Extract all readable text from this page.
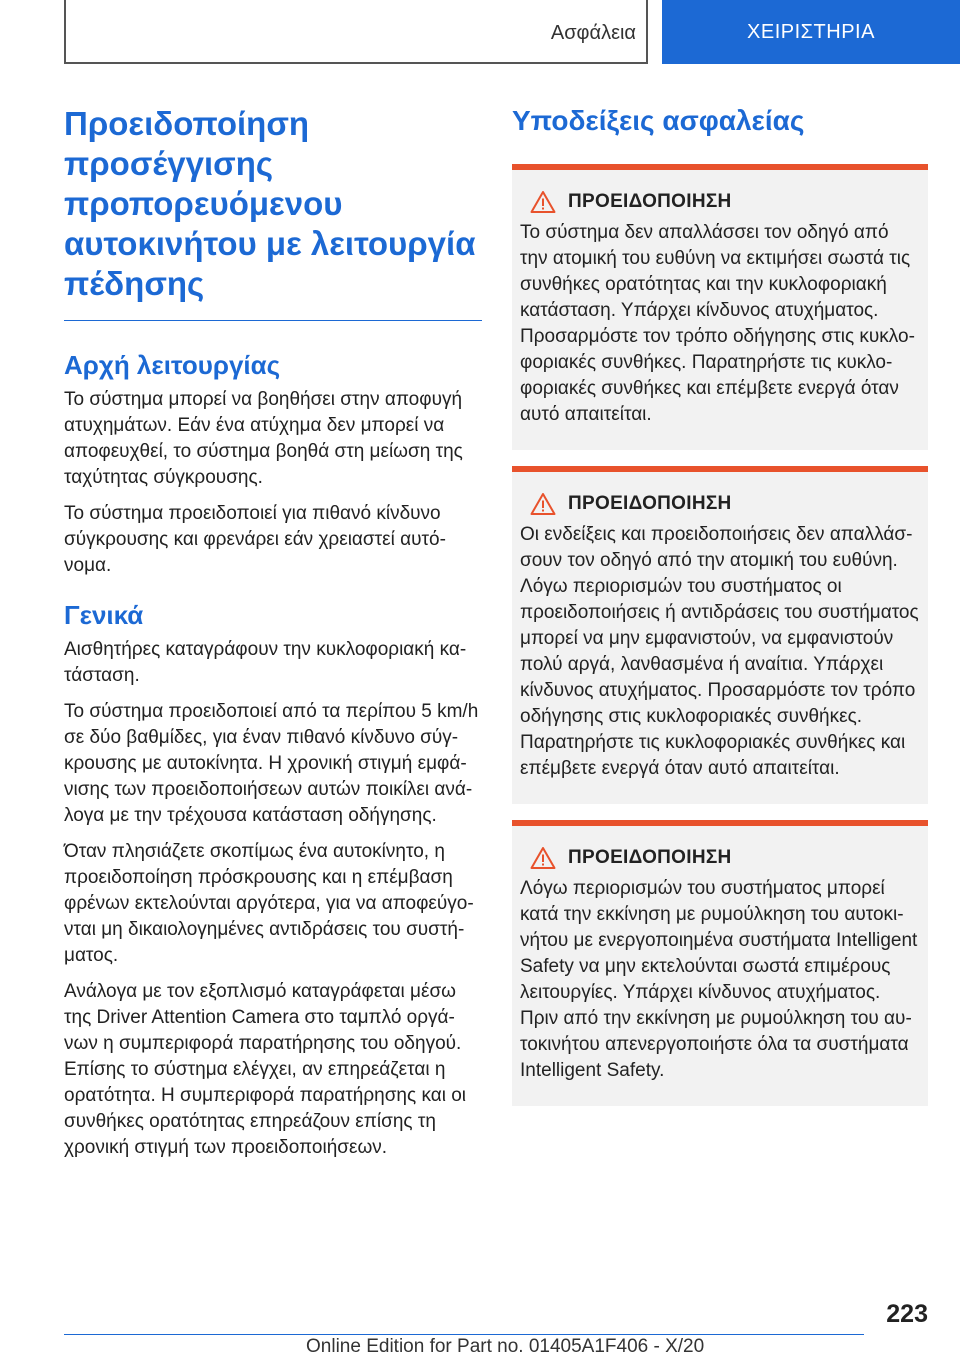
Ασφάλεια	ΧΕΙΡΙΣΤΗΡΙΑ
Προειδοποίηση προσέγγισης προπορευόμενου αυτοκινήτου με λειτουργία πέδησης
Αρχή λειτουργίας

Το σύστημα μπορεί να βοηθήσει στην αποφυγή ατυχημάτων. Εάν ένα ατύχημα δεν μπορεί να αποφευχθεί, το σύστημα βοηθά στη μείωση της ταχύτητας σύγκρουσης.

Το σύστημα προειδοποιεί για πιθανό κίνδυνο σύγκρουσης και φρενάρει εάν χρειαστεί αυτόνομα.

Γενικά

Αισθητήρες καταγράφουν την κυκλοφοριακή κατάσταση.

Το σύστημα προειδοποιεί από τα περίπου 5 km/h σε δύο βαθμίδες, για έναν πιθανό κίνδυνο σύγκρουσης με αυτοκίνητα. Η χρονική στιγμή εμφάνισης των προειδοποιήσεων αυτών ποικίλει ανάλογα με την τρέχουσα κατάσταση οδήγησης.

Όταν πλησιάζετε σκοπίμως ένα αυτοκίνητο, η προειδοποίηση πρόσκρουσης και η επέμβαση φρένων εκτελούνται αργότερα, για να αποφεύγονται μη δικαιολογημένες αντιδράσεις του συστήματος.

Ανάλογα με τον εξοπλισμό καταγράφεται μέσω της Driver Attention Camera στο ταμπλό οργάνων η συμπεριφορά παρατήρησης του οδηγού. Επίσης το σύστημα ελέγχει, αν επηρεάζεται η ορατότητα. Η συμπεριφορά παρατήρησης και οι συνθήκες ορατότητας επηρεάζουν επίσης τη χρονική στιγμή των προειδοποιήσεων.

Υποδείξεις ασφαλείας
ΠΡΟΕΙΔΟΠΟΙΗΣΗ

Το σύστημα δεν απαλλάσσει τον οδηγό από την ατομική του ευθύνη να εκτιμήσει σωστά τις συνθήκες ορατότητας και την κυκλοφοριακή κατάσταση. Υπάρχει κίνδυνος ατυχήματος. Προσαρμόστε τον τρόπο οδήγησης στις κυκλοφοριακές συνθήκες. Παρατηρήστε τις κυκλοφοριακές συνθήκες και επέμβετε ενεργά όταν αυτό απαιτείται.

ΠΡΟΕΙΔΟΠΟΙΗΣΗ

Οι ενδείξεις και προειδοποιήσεις δεν απαλλάσσουν τον οδηγό από την ατομική του ευθύνη. Λόγω περιορισμών του συστήματος οι προειδοποιήσεις ή αντιδράσεις του συστήματος μπορεί να μην εμφανιστούν, να εμφανιστούν πολύ αργά, λανθασμένα ή αναίτια. Υπάρχει κίνδυνος ατυχήματος. Προσαρμόστε τον τρόπο οδήγησης στις κυκλοφοριακές συνθήκες. Παρατηρήστε τις κυκλοφοριακές συνθήκες και επέμβετε ενεργά όταν αυτό απαιτείται.

ΠΡΟΕΙΔΟΠΟΙΗΣΗ

Λόγω περιορισμών του συστήματος μπορεί κατά την εκκίνηση με ρυμούλκηση του αυτοκινήτου με ενεργοποιημένα συστήματα Intelligent Safety να μην εκτελούνται σωστά επιμέρους λειτουργίες. Υπάρχει κίνδυνος ατυχήματος. Πριν από την εκκίνηση με ρυμούλκηση του αυτοκινήτου απενεργοποιήστε όλα τα συστήματα Intelligent Safety.

223
Online Edition for Part no. 01405A1F406 - X/20
